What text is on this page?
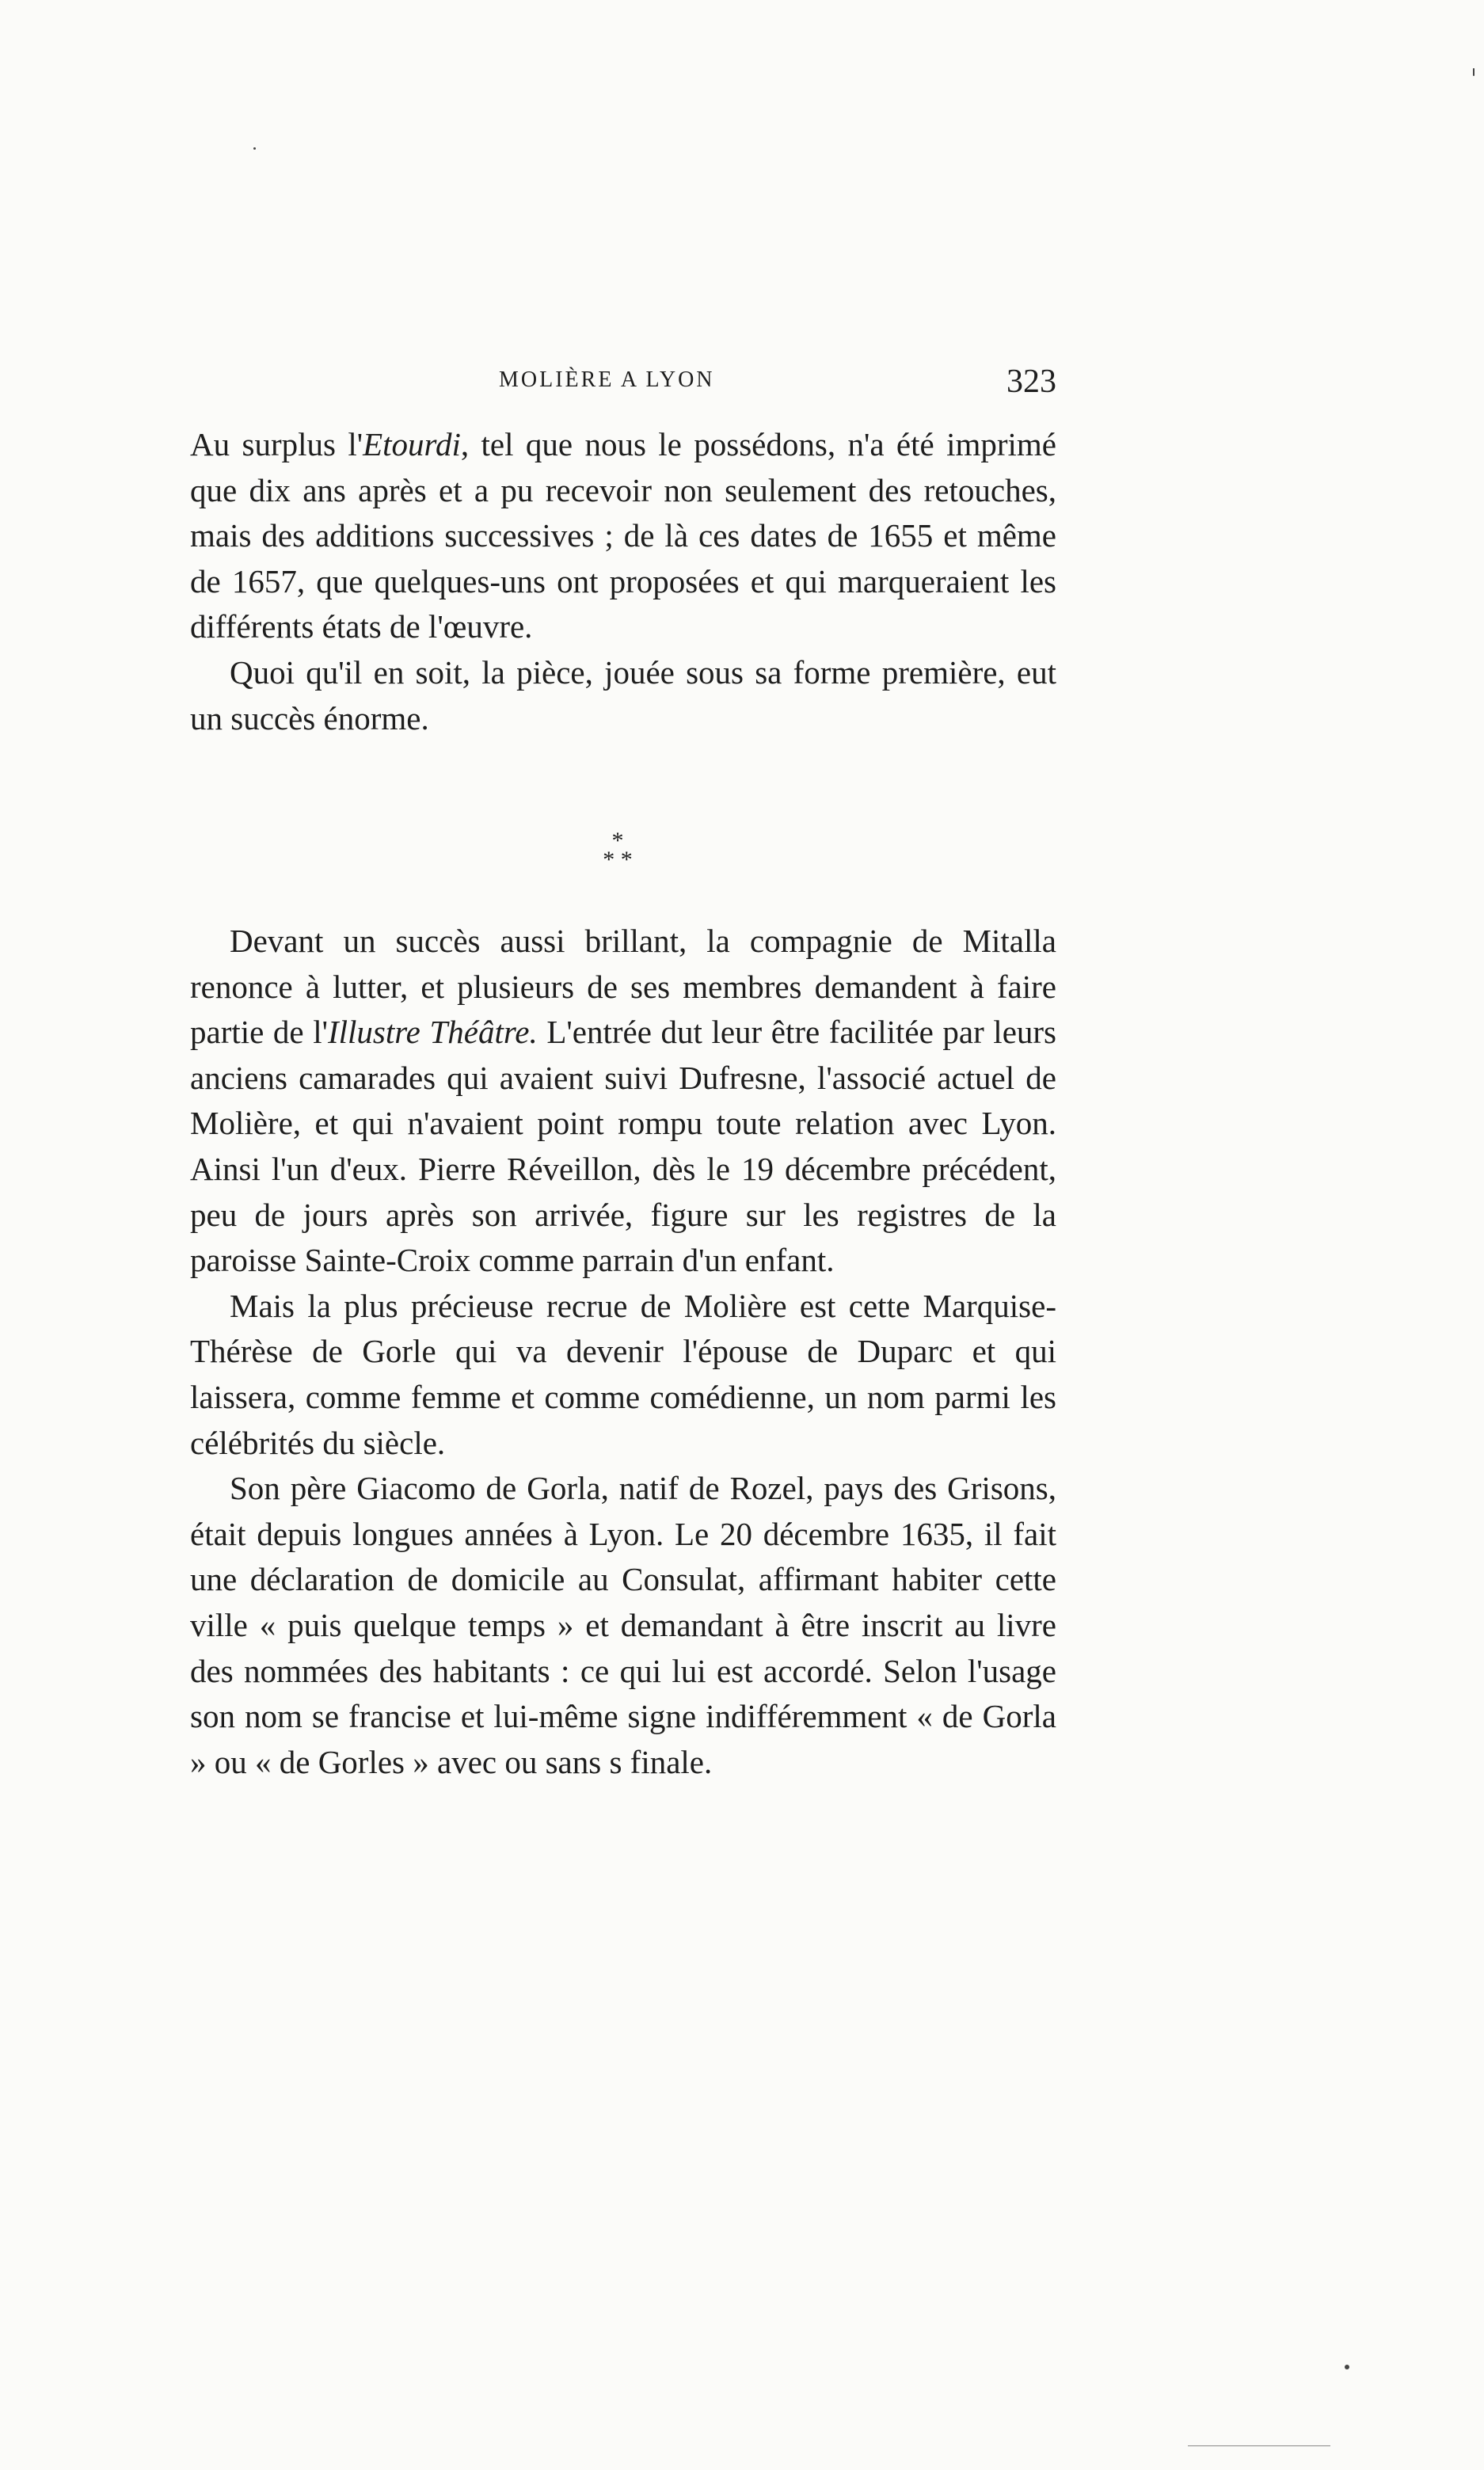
MOLIÈRE A LYON	323

Au surplus l'Etourdi, tel que nous le possédons, n'a été imprimé que dix ans après et a pu recevoir non seulement des retouches, mais des additions successives ; de là ces dates de 1655 et même de 1657, que quelques-uns ont proposées et qui marqueraient les différents états de l'œuvre.

Quoi qu'il en soit, la pièce, jouée sous sa forme première, eut un succès énorme.

*
* *

Devant un succès aussi brillant, la compagnie de Mitalla renonce à lutter, et plusieurs de ses membres demandent à faire partie de l'Illustre Théâtre. L'entrée dut leur être facilitée par leurs anciens camarades qui avaient suivi Dufresne, l'associé actuel de Molière, et qui n'avaient point rompu toute relation avec Lyon. Ainsi l'un d'eux. Pierre Réveillon, dès le 19 décembre précédent, peu de jours après son arrivée, figure sur les registres de la paroisse Sainte-Croix comme parrain d'un enfant.

Mais la plus précieuse recrue de Molière est cette Marquise-Thérèse de Gorle qui va devenir l'épouse de Duparc et qui laissera, comme femme et comme comédienne, un nom parmi les célébrités du siècle.

Son père Giacomo de Gorla, natif de Rozel, pays des Grisons, était depuis longues années à Lyon. Le 20 décembre 1635, il fait une déclaration de domicile au Consulat, affirmant habiter cette ville « puis quelque temps » et demandant à être inscrit au livre des nommées des habitants : ce qui lui est accordé. Selon l'usage son nom se francise et lui-même signe indifféremment « de Gorla » ou « de Gorles » avec ou sans s finale.
